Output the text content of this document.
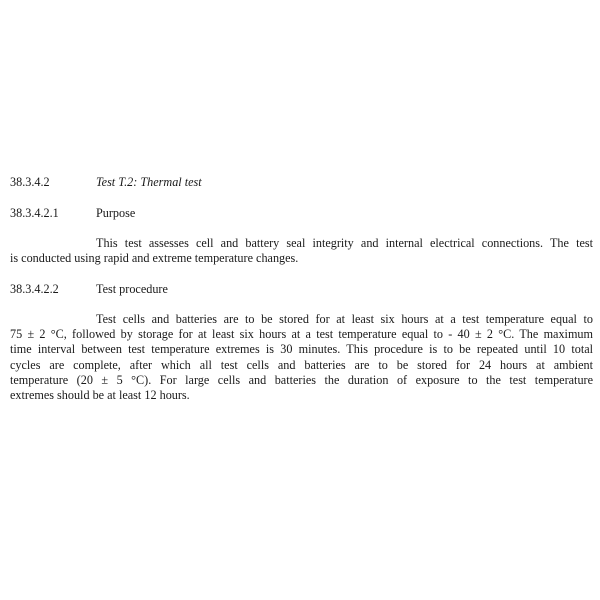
38.3.4.2	Test T.2: Thermal test
38.3.4.2.1	Purpose
This test assesses cell and battery seal integrity and internal electrical connections. The test
is conducted using rapid and extreme temperature changes.
38.3.4.2.2	Test procedure
Test cells and batteries are to be stored for at least six hours at a test temperature equal to
75 ± 2 °C, followed by storage for at least six hours at a test temperature equal to - 40 ± 2 °C. The maximum
time interval between test temperature extremes is 30 minutes. This procedure is to be repeated until 10 total
cycles are complete, after which all test cells and batteries are to be stored for 24 hours at ambient
temperature (20 ± 5 °C). For large cells and batteries the duration of exposure to the test temperature
extremes should be at least 12 hours.
